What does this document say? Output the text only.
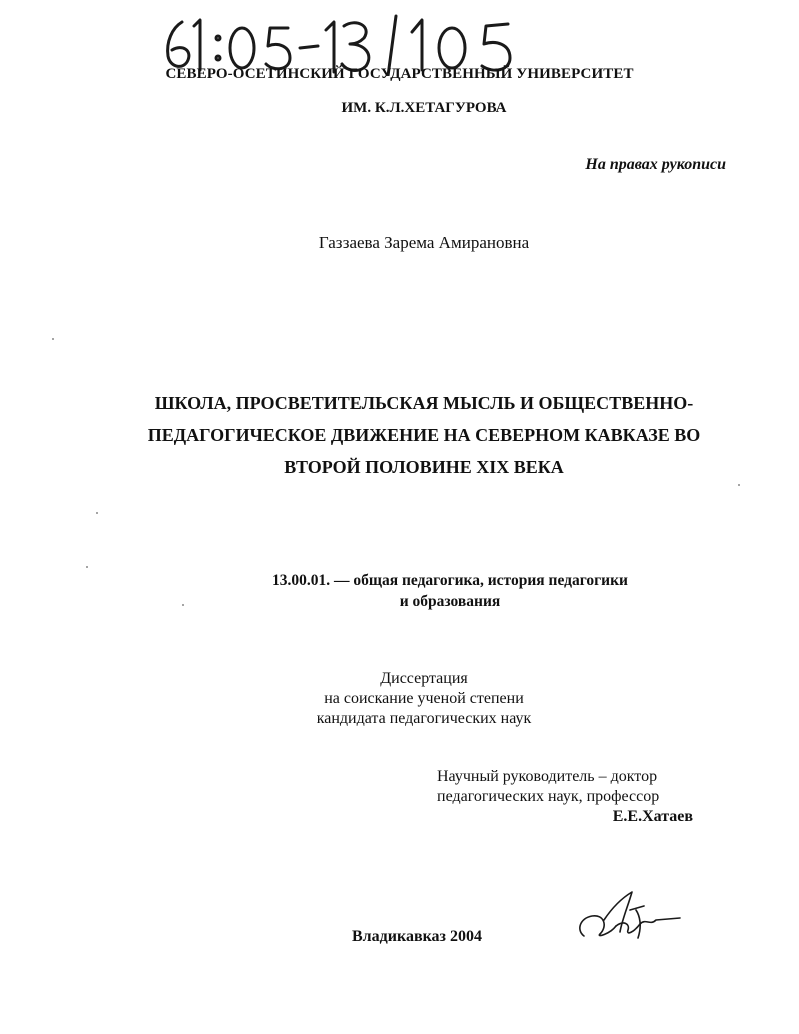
СЕВЕРО-ОСЕТИНСКИЙ ГОСУДАРСТВЕННЫЙ УНИВЕРСИТЕТ
ИМ. К.Л.ХЕТАГУРОВА
На правах рукописи
Газзаева Зарема Амирановна
ШКОЛА, ПРОСВЕТИТЕЛЬСКАЯ МЫСЛЬ И ОБЩЕСТВЕННО-
ПЕДАГОГИЧЕСКОЕ ДВИЖЕНИЕ НА СЕВЕРНОМ КАВКАЗЕ ВО
ВТОРОЙ ПОЛОВИНЕ XIX ВЕКА
13.00.01. — общая педагогика, история педагогики
и образования
Диссертация
на соискание ученой степени
кандидата педагогических наук
Научный руководитель – доктор
педагогических наук, профессор
Е.Е.Хатаев
Владикавказ 2004
